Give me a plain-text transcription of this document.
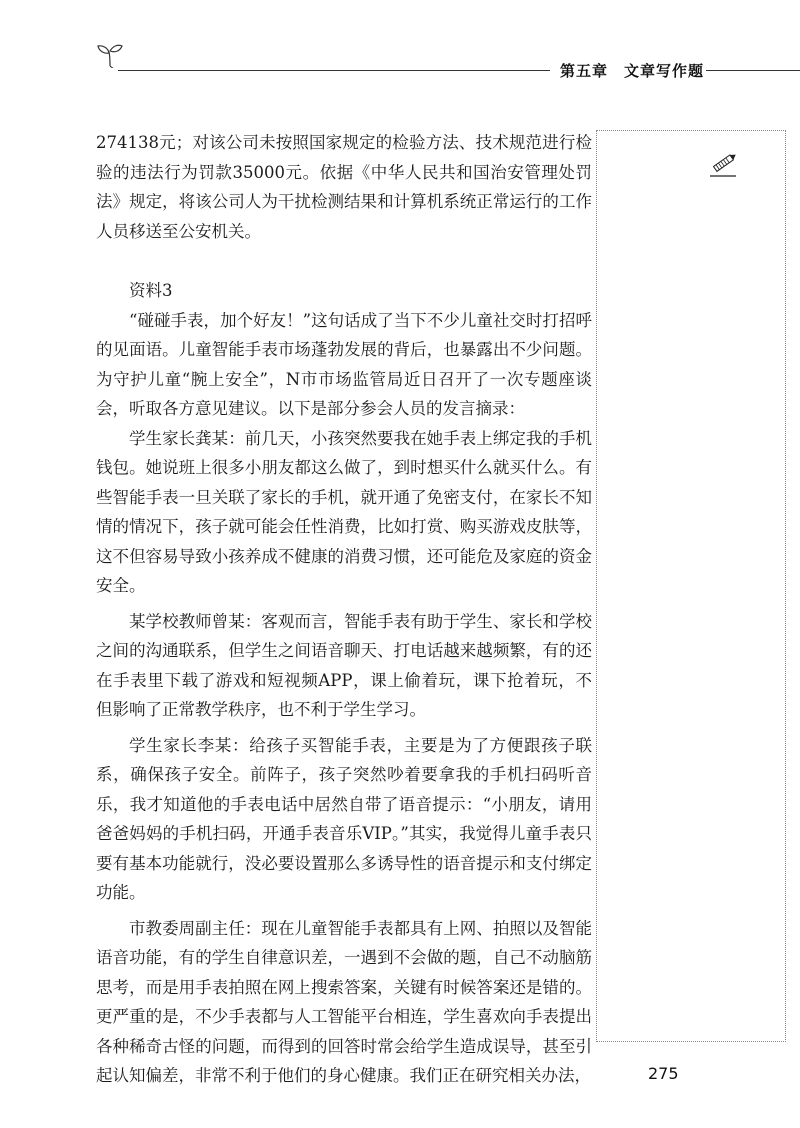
第五章　文章写作题

274138元；对该公司未按照国家规定的检验方法、技术规范进行检验的违法行为罚款35000元。依据《中华人民共和国治安管理处罚法》规定，将该公司人为干扰检测结果和计算机系统正常运行的工作人员移送至公安机关。

资料3

“碰碰手表，加个好友！”这句话成了当下不少儿童社交时打招呼的见面语。儿童智能手表市场蓬勃发展的背后，也暴露出不少问题。为守护儿童“腕上安全”，N市市场监管局近日召开了一次专题座谈会，听取各方意见建议。以下是部分参会人员的发言摘录：

学生家长龚某：前几天，小孩突然要我在她手表上绑定我的手机钱包。她说班上很多小朋友都这么做了，到时想买什么就买什么。有些智能手表一旦关联了家长的手机，就开通了免密支付，在家长不知情的情况下，孩子就可能会任性消费，比如打赏、购买游戏皮肤等，这不但容易导致小孩养成不健康的消费习惯，还可能危及家庭的资金安全。

某学校教师曾某：客观而言，智能手表有助于学生、家长和学校之间的沟通联系，但学生之间语音聊天、打电话越来越频繁，有的还在手表里下载了游戏和短视频APP，课上偷着玩，课下抢着玩，不但影响了正常教学秩序，也不利于学生学习。

学生家长李某：给孩子买智能手表，主要是为了方便跟孩子联系，确保孩子安全。前阵子，孩子突然吵着要拿我的手机扫码听音乐，我才知道他的手表电话中居然自带了语音提示：“小朋友，请用爸爸妈妈的手机扫码，开通手表音乐VIP。”其实，我觉得儿童手表只要有基本功能就行，没必要设置那么多诱导性的语音提示和支付绑定功能。

市教委周副主任：现在儿童智能手表都具有上网、拍照以及智能语音功能，有的学生自律意识差，一遇到不会做的题，自己不动脑筋思考，而是用手表拍照在网上搜索答案，关键有时候答案还是错的。更严重的是，不少手表都与人工智能平台相连，学生喜欢向手表提出各种稀奇古怪的问题，而得到的回答时常会给学生造成误导，甚至引起认知偏差，非常不利于他们的身心健康。我们正在研究相关办法，	275
